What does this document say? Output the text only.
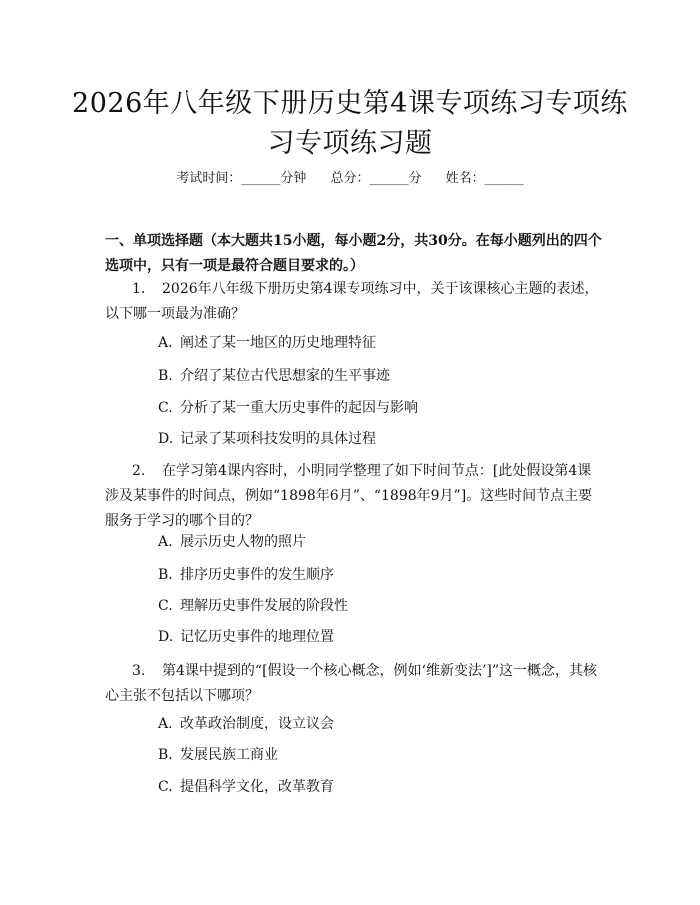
2026年八年级下册历史第4课专项练习专项练习专项练习题
考试时间：______分钟 总分：______分 姓名：______

一、单项选择题（本大题共15小题，每小题2分，共30分。在每小题列出的四个选项中，只有一项是最符合题目要求的。）

1. 2026年八年级下册历史第4课专项练习中，关于该课核心主题的表述，以下哪一项最为准确？

A. 阐述了某一地区的历史地理特征

B. 介绍了某位古代思想家的生平事迹

C. 分析了某一重大历史事件的起因与影响

D. 记录了某项科技发明的具体过程

2. 在学习第4课内容时，小明同学整理了如下时间节点：[此处假设第4课涉及某事件的时间点，例如“1898年6月”、“1898年9月”]。这些时间节点主要服务于学习的哪个目的？

A. 展示历史人物的照片

B. 排序历史事件的发生顺序

C. 理解历史事件发展的阶段性

D. 记忆历史事件的地理位置

3. 第4课中提到的“[假设一个核心概念，例如‘维新变法’]”这一概念，其核心主张不包括以下哪项？

A. 改革政治制度，设立议会

B. 发展民族工商业

C. 提倡科学文化，改革教育
